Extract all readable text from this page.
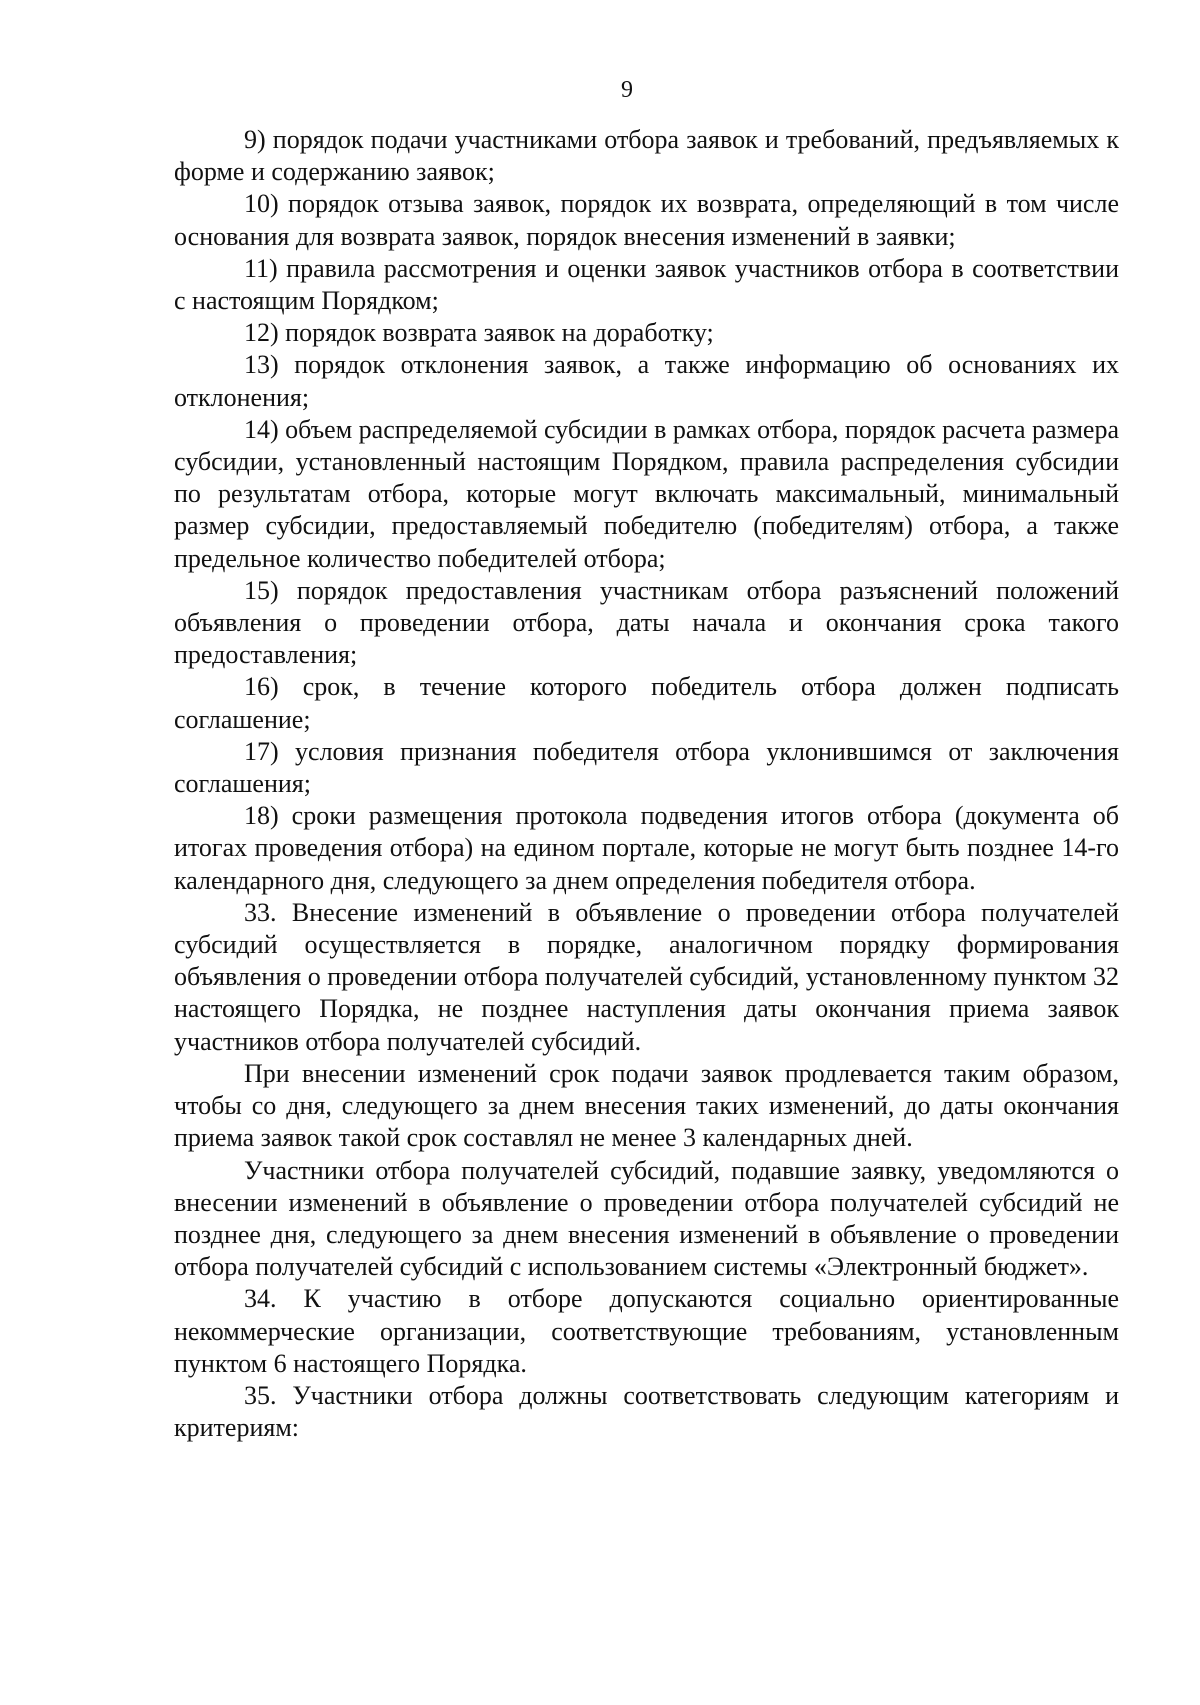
9

9) порядок подачи участниками отбора заявок и требований, предъявляемых к форме и содержанию заявок;

10) порядок отзыва заявок, порядок их возврата, определяющий в том числе основания для возврата заявок, порядок внесения изменений в заявки;

11) правила рассмотрения и оценки заявок участников отбора в соответствии с настоящим Порядком;

12) порядок возврата заявок на доработку;

13) порядок отклонения заявок, а также информацию об основаниях их отклонения;

14) объем распределяемой субсидии в рамках отбора, порядок расчета размера субсидии, установленный настоящим Порядком, правила распределения субсидии по результатам отбора, которые могут включать максимальный, минимальный размер субсидии, предоставляемый победителю (победителям) отбора, а также предельное количество победителей отбора;

15) порядок предоставления участникам отбора разъяснений положений объявления о проведении отбора, даты начала и окончания срока такого предоставления;

16) срок, в течение которого победитель отбора должен подписать соглашение;

17) условия признания победителя отбора уклонившимся от заключения соглашения;

18) сроки размещения протокола подведения итогов отбора (документа об итогах проведения отбора) на едином портале, которые не могут быть позднее 14-го календарного дня, следующего за днем определения победителя отбора.

33. Внесение изменений в объявление о проведении отбора получателей субсидий осуществляется в порядке, аналогичном порядку формирования объявления о проведении отбора получателей субсидий, установленному пунктом 32 настоящего Порядка, не позднее наступления даты окончания приема заявок участников отбора получателей субсидий.

При внесении изменений срок подачи заявок продлевается таким образом, чтобы со дня, следующего за днем внесения таких изменений, до даты окончания приема заявок такой срок составлял не менее 3 календарных дней.

Участники отбора получателей субсидий, подавшие заявку, уведомляются о внесении изменений в объявление о проведении отбора получателей субсидий не позднее дня, следующего за днем внесения изменений в объявление о проведении отбора получателей субсидий с использованием системы «Электронный бюджет».

34. К участию в отборе допускаются социально ориентированные некоммерческие организации, соответствующие требованиям, установленным пунктом 6 настоящего Порядка.

35. Участники отбора должны соответствовать следующим категориям и критериям:
